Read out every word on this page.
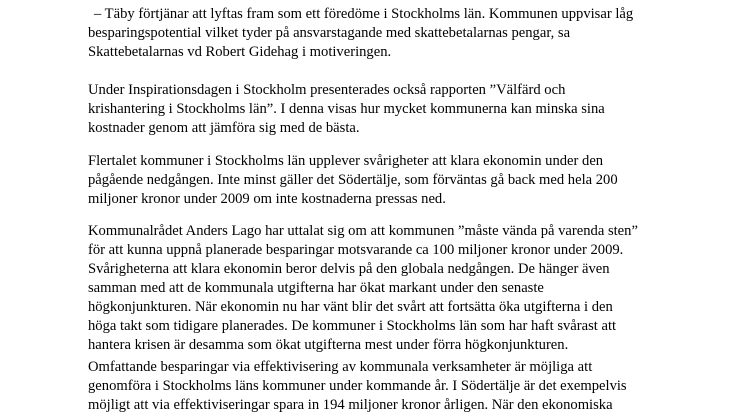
– Täby förtjänar att lyftas fram som ett föredöme i Stockholms län. Kommunen uppvisar låg
besparingspotential vilket tyder på ansvarstagande med skattebetalarnas pengar, sa
Skattebetalarnas vd Robert Gidehag i motiveringen.
Under Inspirationsdagen i Stockholm presenterades också rapporten ”Välfärd och
krishantering i Stockholms län”. I denna visas hur mycket kommunerna kan minska sina
kostnader genom att jämföra sig med de bästa.
Flertalet kommuner i Stockholms län upplever svårigheter att klara ekonomin under den
pågående nedgången. Inte minst gäller det Södertälje, som förväntas gå back med hela 200
miljoner kronor under 2009 om inte kostnaderna pressas ned.
Kommunalrådet Anders Lago har uttalat sig om att kommunen ”måste vända på varenda sten”
för att kunna uppnå planerade besparingar motsvarande ca 100 miljoner kronor under 2009.
Svårigheterna att klara ekonomin beror delvis på den globala nedgången. De hänger även
samman med att de kommunala utgifterna har ökat markant under den senaste
högkonjunkturen. När ekonomin nu har vänt blir det svårt att fortsätta öka utgifterna i den
höga takt som tidigare planerades. De kommuner i Stockholms län som har haft svårast att
hantera krisen är desamma som ökat utgifterna mest under förra högkonjunkturen.
Omfattande besparingar via effektivisering av kommunala verksamheter är möjliga att
genomföra i Stockholms läns kommuner under kommande år. I Södertälje är det exempelvis
möjligt att via effektiviseringar spara in 194 miljoner kronor årligen. När den ekonomiska
